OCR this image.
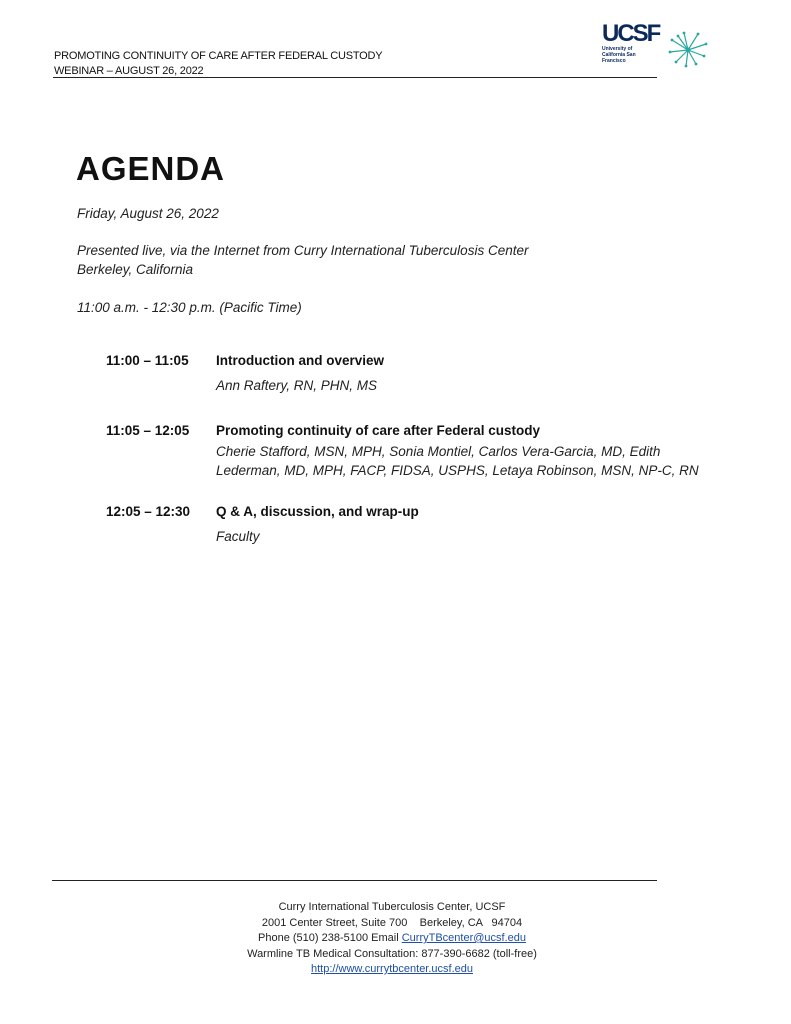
PROMOTING CONTINUITY OF CARE AFTER FEDERAL CUSTODY
WEBINAR – AUGUST 26, 2022
UCSF
University of California San Francisco
AGENDA
Friday, August 26, 2022
Presented live, via the Internet from Curry International Tuberculosis Center
Berkeley, California
11:00 a.m. - 12:30 p.m. (Pacific Time)
11:00 – 11:05 Introduction and overview
Ann Raftery, RN, PHN, MS
11:05 – 12:05 Promoting continuity of care after Federal custody
Cherie Stafford, MSN, MPH, Sonia Montiel, Carlos Vera-Garcia, MD, Edith Lederman, MD, MPH, FACP, FIDSA, USPHS, Letaya Robinson, MSN, NP-C, RN
12:05 – 12:30 Q & A, discussion, and wrap-up
Faculty
Curry International Tuberculosis Center, UCSF
2001 Center Street, Suite 700    Berkeley, CA   94704
Phone (510) 238-5100 Email CurryTBcenter@ucsf.edu
Warmline TB Medical Consultation: 877-390-6682 (toll-free)
http://www.currytbcenter.ucsf.edu
